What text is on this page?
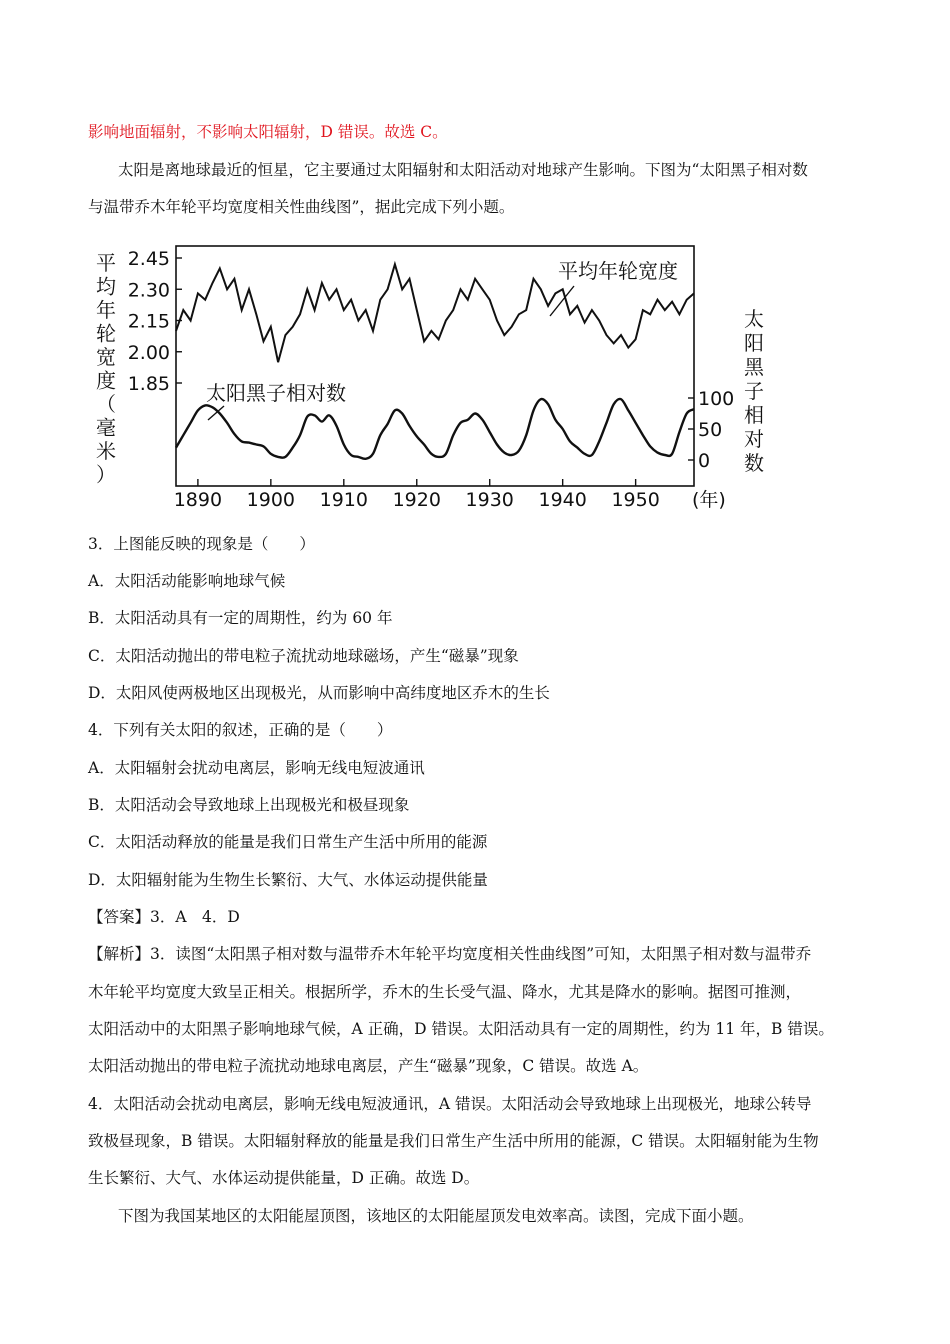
影响地面辐射，不影响太阳辐射，D 错误。故选 C。
太阳是离地球最近的恒星，它主要通过太阳辐射和太阳活动对地球产生影响。下图为“太阳黑子相对数
与温带乔木年轮平均宽度相关性曲线图”，据此完成下列小题。
2.45
2.30
2.15
2.00
1.85
100
50
0
1890 1900 1910 1920 1930 1940 1950 (年)
平均年轮宽度（毫米）
太阳黑子相对数
平均年轮宽度
太阳黑子相对数
3．上图能反映的现象是（　　）
A．太阳活动能影响地球气候
B．太阳活动具有一定的周期性，约为 60 年
C．太阳活动抛出的带电粒子流扰动地球磁场，产生“磁暴”现象
D．太阳风使两极地区出现极光，从而影响中高纬度地区乔木的生长
4．下列有关太阳的叙述，正确的是（　　）
A．太阳辐射会扰动电离层，影响无线电短波通讯
B．太阳活动会导致地球上出现极光和极昼现象
C．太阳活动释放的能量是我们日常生产生活中所用的能源
D．太阳辐射能为生物生长繁衍、大气、水体运动提供能量
【答案】3．A　4．D
【解析】3．读图“太阳黑子相对数与温带乔木年轮平均宽度相关性曲线图”可知，太阳黑子相对数与温带乔
木年轮平均宽度大致呈正相关。根据所学，乔木的生长受气温、降水，尤其是降水的影响。据图可推测，
太阳活动中的太阳黑子影响地球气候，A 正确，D 错误。太阳活动具有一定的周期性，约为 11 年，B 错误。
太阳活动抛出的带电粒子流扰动地球电离层，产生“磁暴”现象，C 错误。故选 A。
4．太阳活动会扰动电离层，影响无线电短波通讯，A 错误。太阳活动会导致地球上出现极光，地球公转导
致极昼现象，B 错误。太阳辐射释放的能量是我们日常生产生活中所用的能源，C 错误。太阳辐射能为生物
生长繁衍、大气、水体运动提供能量，D 正确。故选 D。
下图为我国某地区的太阳能屋顶图，该地区的太阳能屋顶发电效率高。读图，完成下面小题。
